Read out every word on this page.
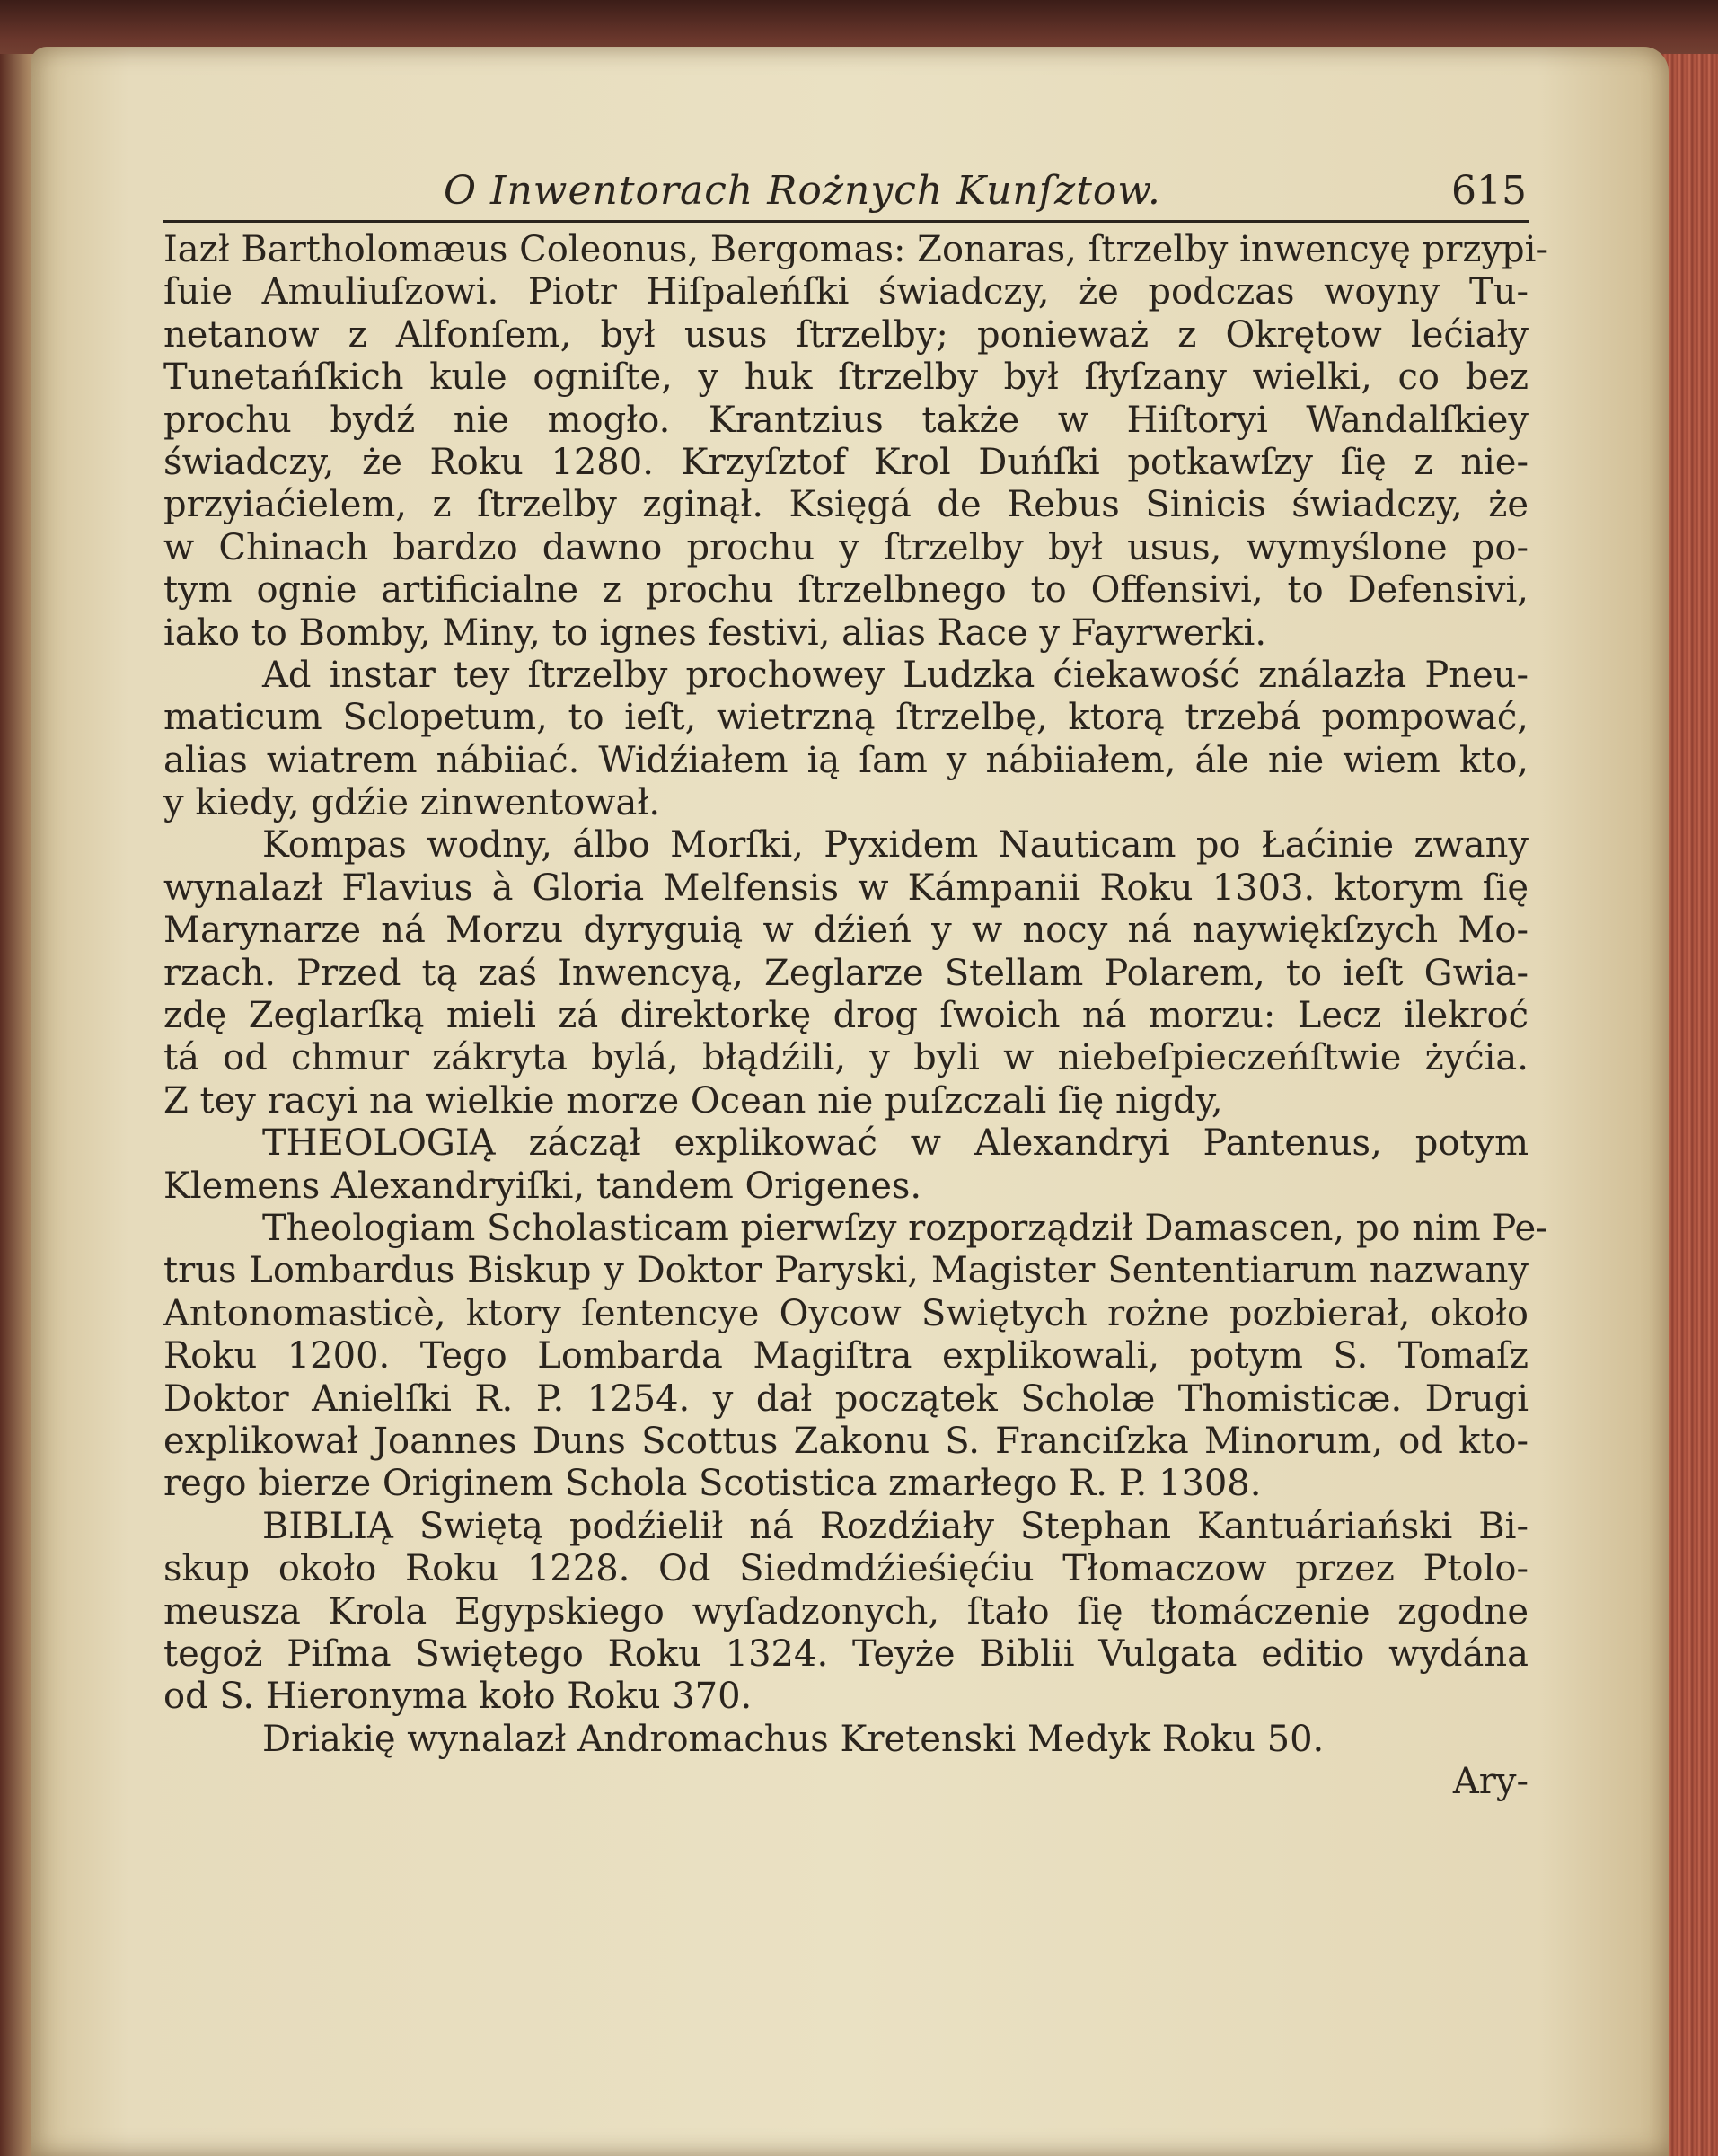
O Inwentorach Rożnych Kunſztow.	615
Iazł Bartholomæus Coleonus, Bergomas: Zonaras, ſtrzelby inwencyę przypi-
ſuie Amuliuſzowi. Piotr Hiſpaleńſki świadczy, że podczas woyny Tu-
netanow z Alfonſem, był usus ſtrzelby; ponieważ z Okrętow lećiały
Tunetańſkich kule ogniſte, y huk ſtrzelby był ſłyſzany wielki, co bez
prochu bydź nie mogło. Krantzius także w Hiſtoryi Wandalſkiey
świadczy, że Roku 1280. Krzyſztof Krol Duńſki potkawſzy ſię z nie-
przyiaćielem, z ſtrzelby zginął. Księgá de Rebus Sinicis świadczy, że
w Chinach bardzo dawno prochu y ſtrzelby był usus, wymyślone po-
tym ognie artificialne z prochu ſtrzelbnego to Offensivi, to Defensivi,
iako to Bomby, Miny, to ignes festivi, alias Race y Fayrwerki.
Ad instar tey ſtrzelby prochowey Ludzka ćiekawość ználazła Pneu-
maticum Sclopetum, to ieſt, wietrzną ſtrzelbę, ktorą trzebá pompować,
alias wiatrem nábiiać. Widźiałem ią ſam y nábiiałem, ále nie wiem kto,
y kiedy, gdźie zinwentował.
Kompas wodny, álbo Morſki, Pyxidem Nauticam po Łaćinie zwany
wynalazł Flavius à Gloria Melfensis w Kámpanii Roku 1303. ktorym ſię
Marynarze ná Morzu dyryguią w dźień y w nocy ná naywiękſzych Mo-
rzach. Przed tą zaś Inwencyą, Zeglarze Stellam Polarem, to ieſt Gwia-
zdę Zeglarſką mieli zá direktorkę drog ſwoich ná morzu: Lecz ilekroć
tá od chmur zákryta bylá, błądźili, y byli w niebeſpieczeńſtwie żyćia.
Z tey racyi na wielkie morze Ocean nie puſzczali ſię nigdy,
THEOLOGIĄ záczął explikować w Alexandryi Pantenus, potym
Klemens Alexandryiſki, tandem Origenes.
Theologiam Scholasticam pierwſzy rozporządził Damascen, po nim Pe-
trus Lombardus Biskup y Doktor Paryski, Magister Sententiarum nazwany
Antonomasticè, ktory ſentencye Oycow Swiętych rożne pozbierał, około
Roku 1200. Tego Lombarda Magiſtra explikowali, potym S. Tomaſz
Doktor Anielſki R. P. 1254. y dał początek Scholæ Thomisticæ. Drugi
explikował Joannes Duns Scottus Zakonu S. Franciſzka Minorum, od kto-
rego bierze Originem Schola Scotistica zmarłego R. P. 1308.
BIBLIĄ Swiętą podźielił ná Rozdźiały Stephan Kantuáriański Bi-
skup około Roku 1228. Od Siedmdźieśięćiu Tłomaczow przez Ptolo-
meusza Krola Egypskiego wyſadzonych, ſtało ſię tłomáczenie zgodne
tegoż Piſma Swiętego Roku 1324. Teyże Biblii Vulgata editio wydána
od S. Hieronyma koło Roku 370.
Driakię wynalazł Andromachus Kretenski Medyk Roku 50.
Ary-
